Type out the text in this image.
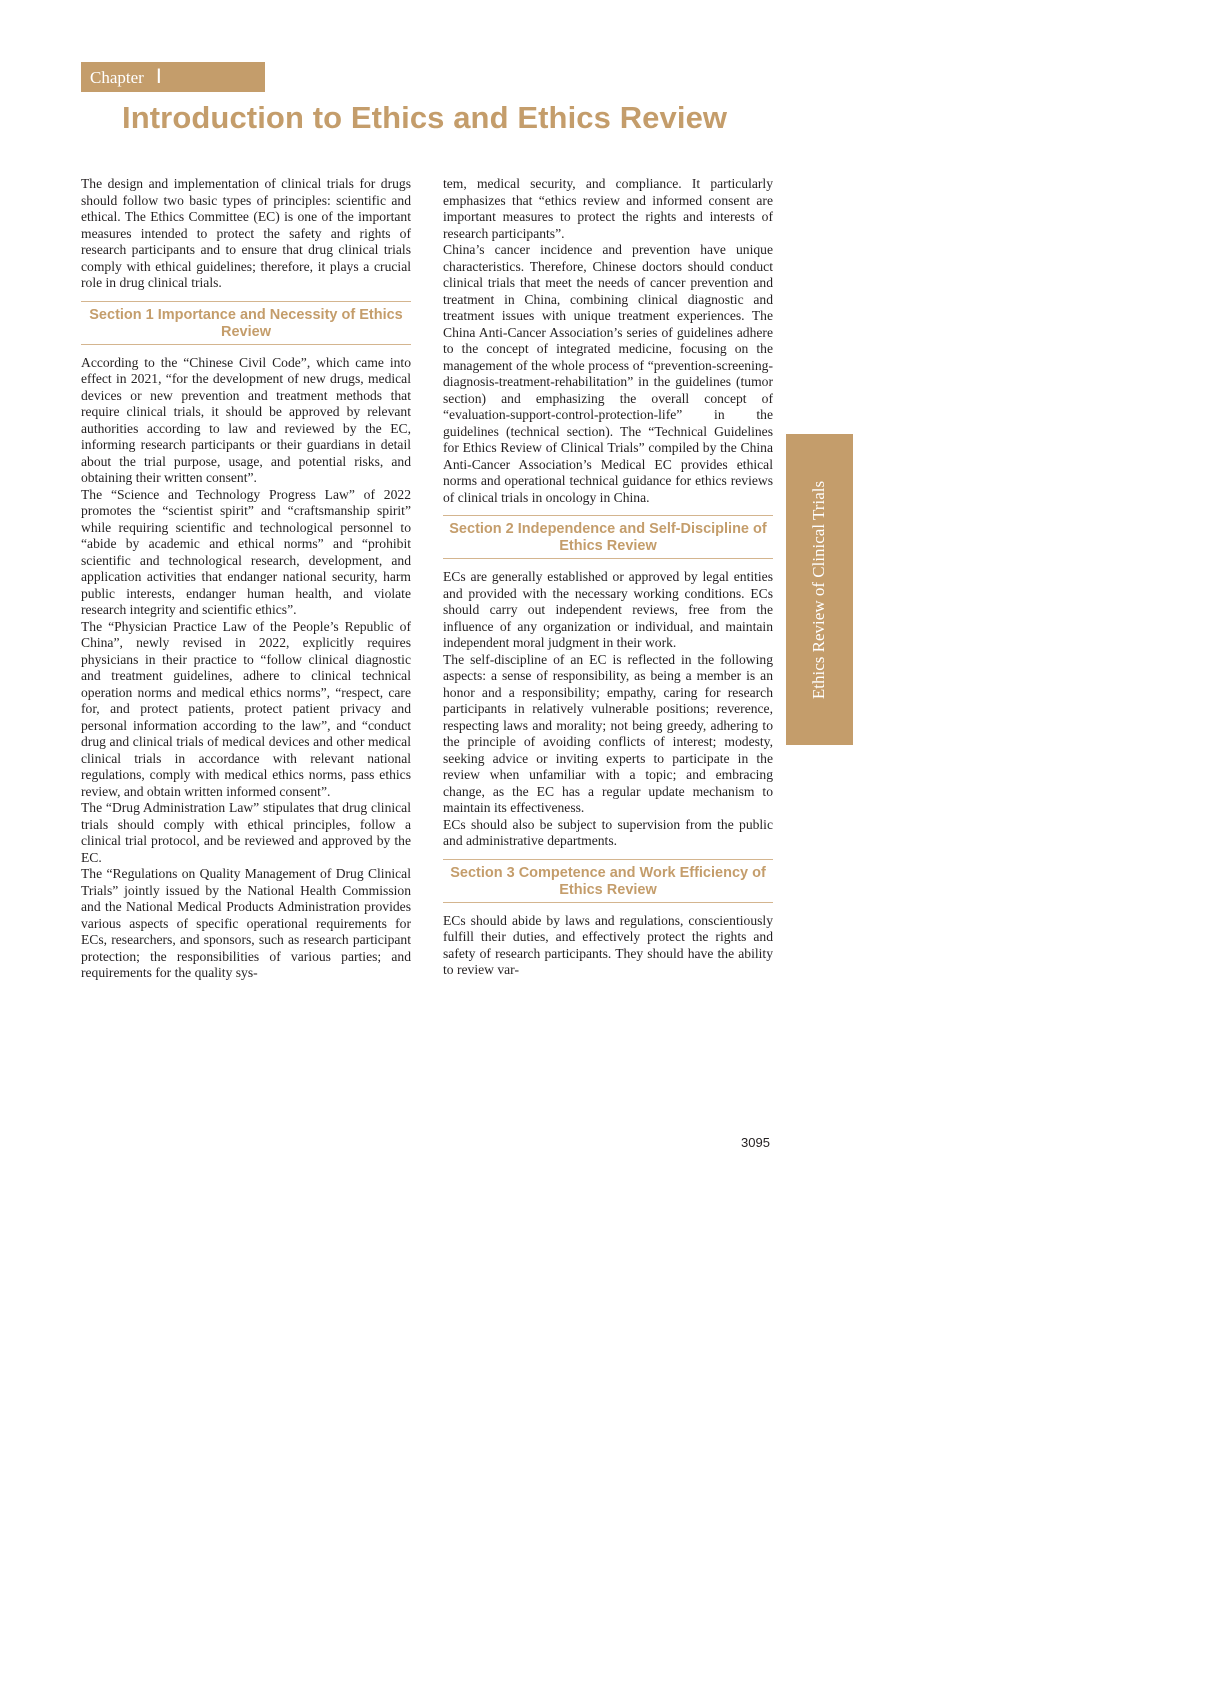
Chapter Ⅰ
Introduction to Ethics and Ethics Review

The design and implementation of clinical trials for drugs should follow two basic types of principles: scientific and ethical. The Ethics Committee (EC) is one of the important measures intended to protect the safety and rights of research participants and to ensure that drug clinical trials comply with ethical guidelines; therefore, it plays a crucial role in drug clinical trials.

Section 1 Importance and Necessity of Ethics Review

According to the “Chinese Civil Code”, which came into effect in 2021, “for the development of new drugs, medical devices or new prevention and treatment methods that require clinical trials, it should be approved by relevant authorities according to law and reviewed by the EC, informing research participants or their guardians in detail about the trial purpose, usage, and potential risks, and obtaining their written consent”.

The “Science and Technology Progress Law” of 2022 promotes the “scientist spirit” and “craftsmanship spirit” while requiring scientific and technological personnel to “abide by academic and ethical norms” and “prohibit scientific and technological research, development, and application activities that endanger national security, harm public interests, endanger human health, and violate research integrity and scientific ethics”.

The “Physician Practice Law of the People’s Republic of China”, newly revised in 2022, explicitly requires physicians in their practice to “follow clinical diagnostic and treatment guidelines, adhere to clinical technical operation norms and medical ethics norms”, “respect, care for, and protect patients, protect patient privacy and personal information according to the law”, and “conduct drug and clinical trials of medical devices and other medical clinical trials in accordance with relevant national regulations, comply with medical ethics norms, pass ethics review, and obtain written informed consent”.

The “Drug Administration Law” stipulates that drug clinical trials should comply with ethical principles, follow a clinical trial protocol, and be reviewed and approved by the EC.

The “Regulations on Quality Management of Drug Clinical Trials” jointly issued by the National Health Commission and the National Medical Products Administration provides various aspects of specific operational requirements for ECs, researchers, and sponsors, such as research participant protection; the responsibilities of various parties; and requirements for the quality sys-

tem, medical security, and compliance. It particularly emphasizes that “ethics review and informed consent are important measures to protect the rights and interests of research participants”.

China’s cancer incidence and prevention have unique characteristics. Therefore, Chinese doctors should conduct clinical trials that meet the needs of cancer prevention and treatment in China, combining clinical diagnostic and treatment issues with unique treatment experiences. The China Anti-Cancer Association’s series of guidelines adhere to the concept of integrated medicine, focusing on the management of the whole process of “prevention-screening-diagnosis-treatment-rehabilitation” in the guidelines (tumor section) and emphasizing the overall concept of “evaluation-support-control-protection-life” in the guidelines (technical section). The “Technical Guidelines for Ethics Review of Clinical Trials” compiled by the China Anti-Cancer Association’s Medical EC provides ethical norms and operational technical guidance for ethics reviews of clinical trials in oncology in China.

Section 2 Independence and Self-Discipline of Ethics Review

ECs are generally established or approved by legal entities and provided with the necessary working conditions. ECs should carry out independent reviews, free from the influence of any organization or individual, and maintain independent moral judgment in their work.

The self-discipline of an EC is reflected in the following aspects: a sense of responsibility, as being a member is an honor and a responsibility; empathy, caring for research participants in relatively vulnerable positions; reverence, respecting laws and morality; not being greedy, adhering to the principle of avoiding conflicts of interest; modesty, seeking advice or inviting experts to participate in the review when unfamiliar with a topic; and embracing change, as the EC has a regular update mechanism to maintain its effectiveness.

ECs should also be subject to supervision from the public and administrative departments.

Section 3 Competence and Work Efficiency of Ethics Review

ECs should abide by laws and regulations, conscientiously fulfill their duties, and effectively protect the rights and safety of research participants. They should have the ability to review var-

Ethics Review of Clinical Trials
3095
